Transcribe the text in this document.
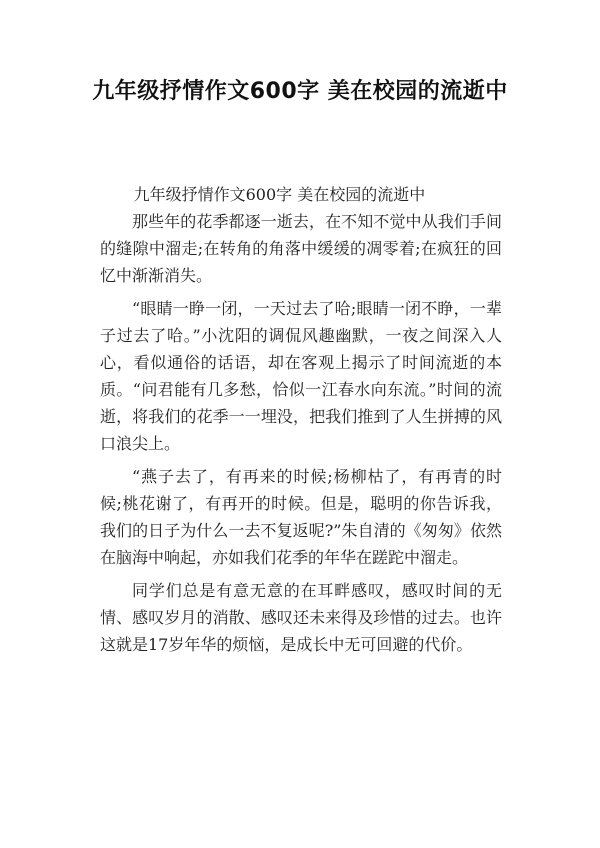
九年级抒情作文600字 美在校园的流逝中

九年级抒情作文600字 美在校园的流逝中

那些年的花季都逐一逝去，在不知不觉中从我们手间的缝隙中溜走;在转角的角落中缓缓的凋零着;在疯狂的回忆中渐渐消失。

“眼睛一睁一闭，一天过去了哈;眼睛一闭不睁，一辈子过去了哈。”小沈阳的调侃风趣幽默，一夜之间深入人心，看似通俗的话语，却在客观上揭示了时间流逝的本质。“问君能有几多愁，恰似一江春水向东流。”时间的流逝，将我们的花季一一埋没，把我们推到了人生拼搏的风口浪尖上。

“燕子去了，有再来的时候;杨柳枯了，有再青的时候;桃花谢了，有再开的时候。但是，聪明的你告诉我，我们的日子为什么一去不复返呢?”朱自清的《匆匆》依然在脑海中响起，亦如我们花季的年华在蹉跎中溜走。

同学们总是有意无意的在耳畔感叹，感叹时间的无情、感叹岁月的消散、感叹还未来得及珍惜的过去。也许这就是17岁年华的烦恼，是成长中无可回避的代价。
